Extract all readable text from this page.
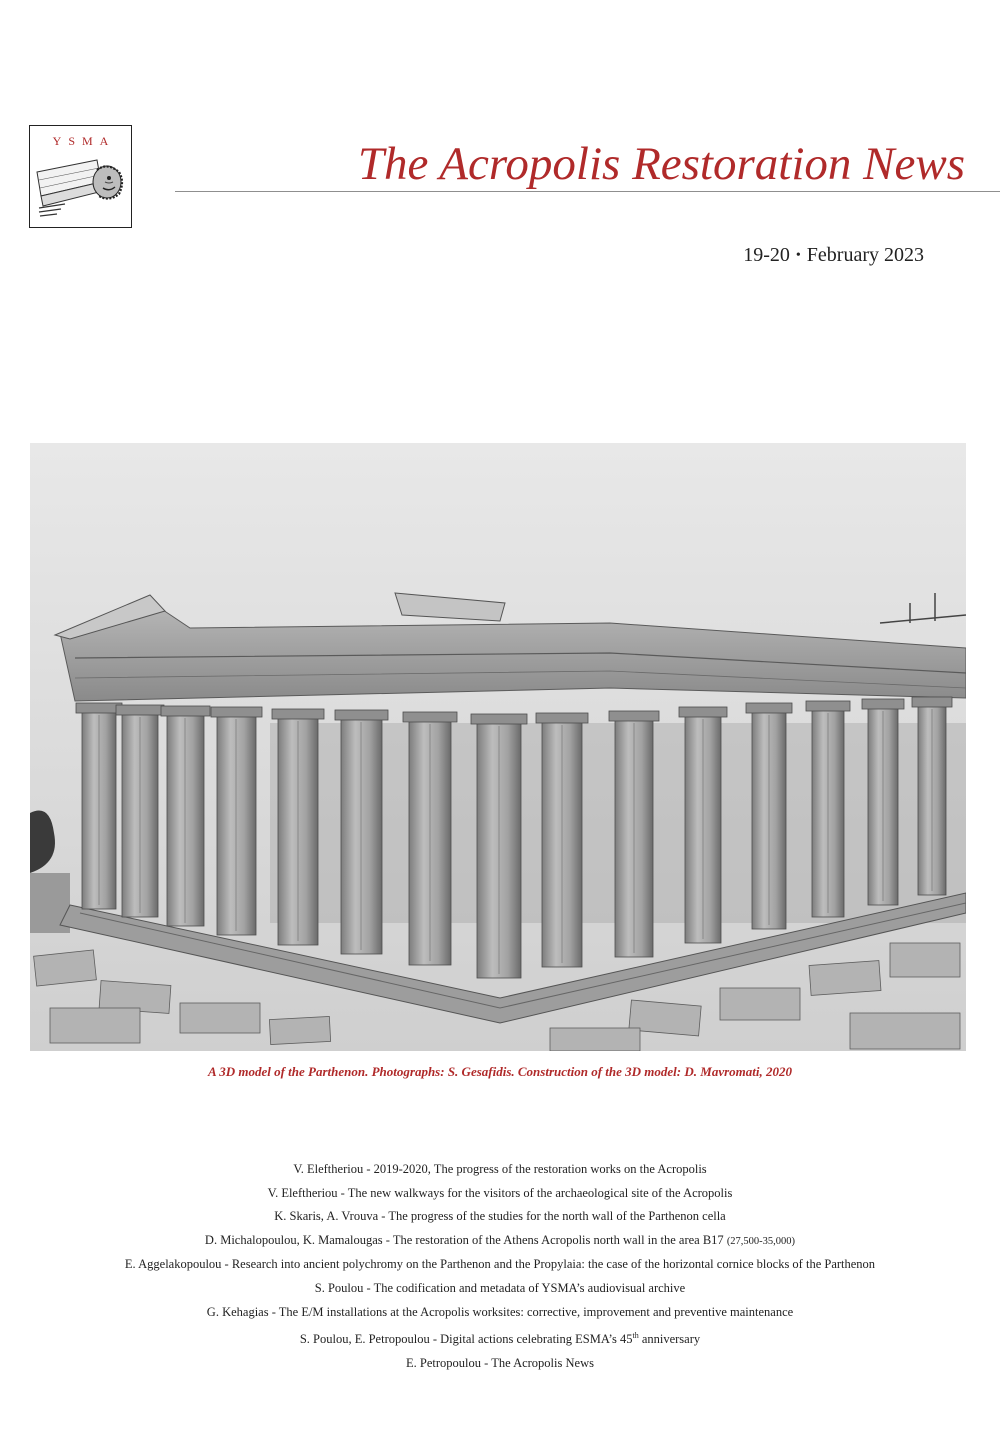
YSMA	The Acropolis Restoration News
19-20 • February 2023
A 3D model of the Parthenon. Photographs: S. Gesafidis. Construction of the 3D model: D. Mavromati, 2020
V. Eleftheriou - 2019-2020, The progress of the restoration works on the Acropolis
V. Eleftheriou - The new walkways for the visitors of the archaeological site of the Acropolis
K. Skaris, A. Vrouva - The progress of the studies for the north wall of the Parthenon cella
D. Michalopoulou, K. Mamalougas - The restoration of the Athens Acropolis north wall in the area B17 (27,500-35,000)
E. Aggelakopoulou - Research into ancient polychromy on the Parthenon and the Propylaia: the case of the horizontal cornice blocks of the Parthenon
S. Poulou - The codification and metadata of YSMA’s audiovisual archive
G. Kehagias - The E/M installations at the Acropolis worksites: corrective, improvement and preventive maintenance
S. Poulou, E. Petropoulou - Digital actions celebrating ESMA’s 45th anniversary
E. Petropoulou - The Acropolis News
